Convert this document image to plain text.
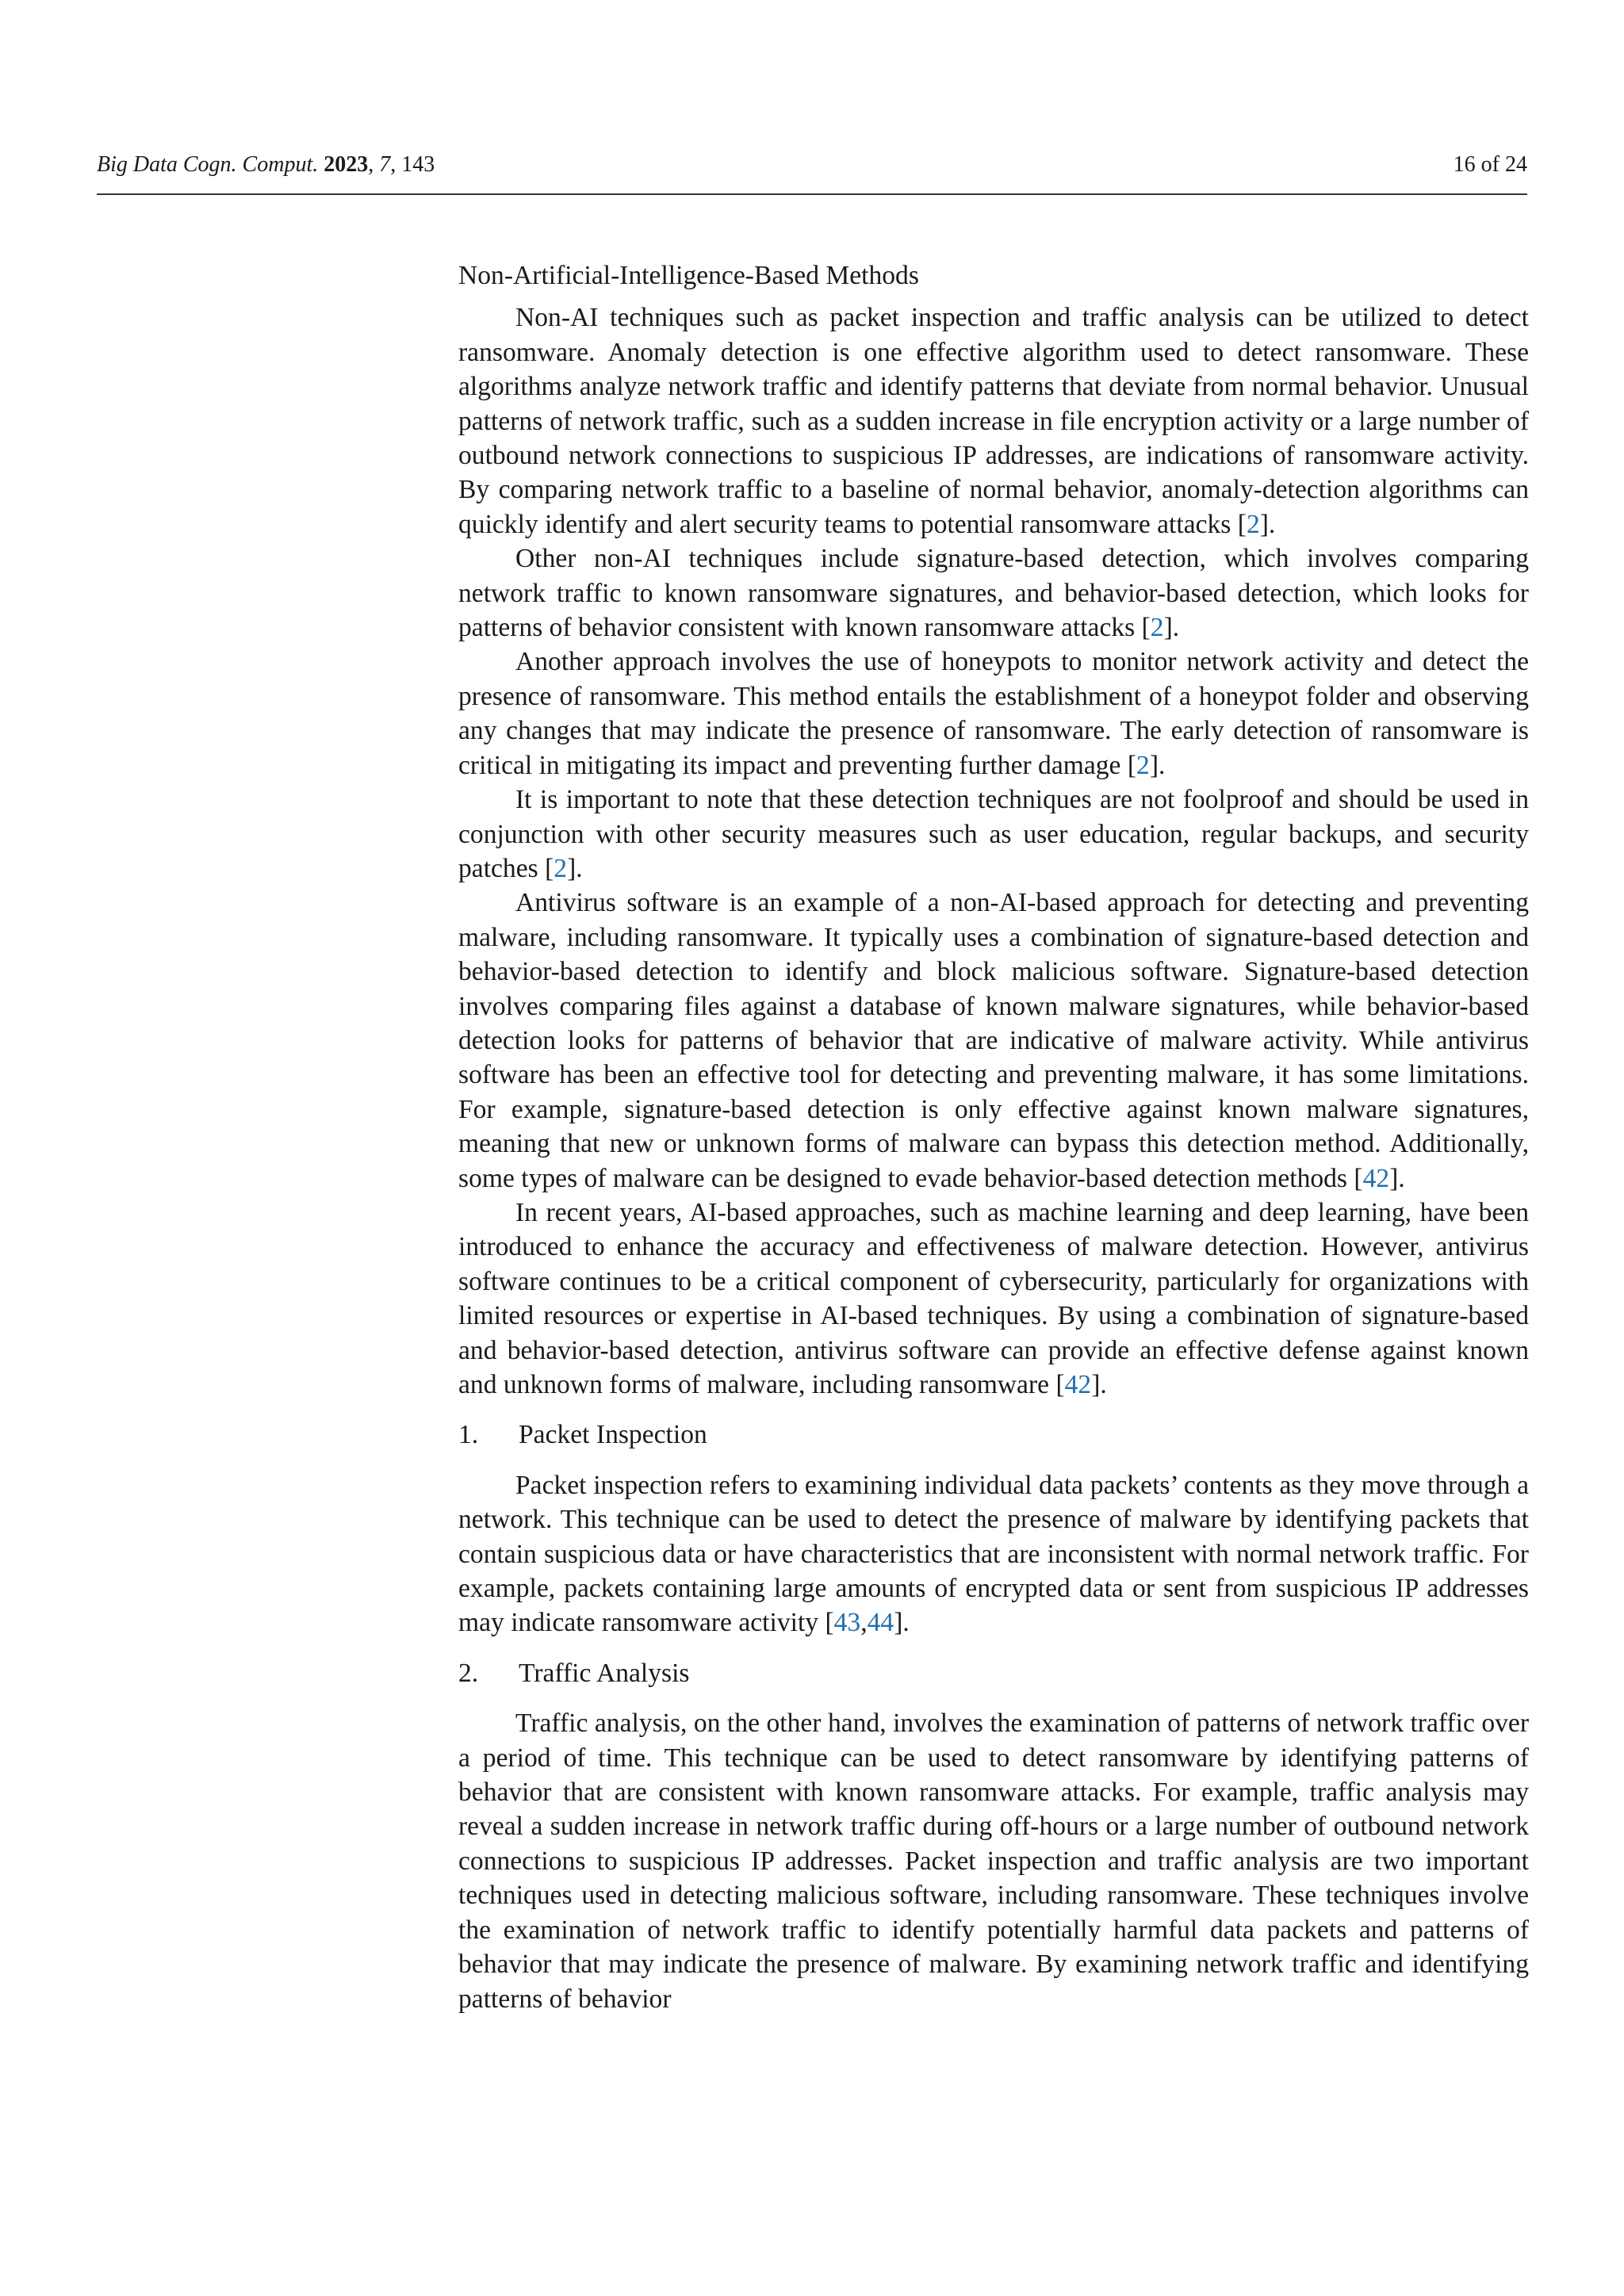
Big Data Cogn. Comput. 2023, 7, 143	16 of 24
Non-Artificial-Intelligence-Based Methods

Non-AI techniques such as packet inspection and traffic analysis can be utilized to detect ransomware. Anomaly detection is one effective algorithm used to detect ransomware. These algorithms analyze network traffic and identify patterns that deviate from normal behavior. Unusual patterns of network traffic, such as a sudden increase in file encryption activity or a large number of outbound network connections to suspicious IP addresses, are indications of ransomware activity. By comparing network traffic to a baseline of normal behavior, anomaly-detection algorithms can quickly identify and alert security teams to potential ransomware attacks [2].

Other non-AI techniques include signature-based detection, which involves comparing network traffic to known ransomware signatures, and behavior-based detection, which looks for patterns of behavior consistent with known ransomware attacks [2].

Another approach involves the use of honeypots to monitor network activity and detect the presence of ransomware. This method entails the establishment of a honeypot folder and observing any changes that may indicate the presence of ransomware. The early detection of ransomware is critical in mitigating its impact and preventing further damage [2].

It is important to note that these detection techniques are not foolproof and should be used in conjunction with other security measures such as user education, regular backups, and security patches [2].

Antivirus software is an example of a non-AI-based approach for detecting and preventing malware, including ransomware. It typically uses a combination of signature-based detection and behavior-based detection to identify and block malicious software. Signature-based detection involves comparing files against a database of known malware signatures, while behavior-based detection looks for patterns of behavior that are indicative of malware activity. While antivirus software has been an effective tool for detecting and preventing malware, it has some limitations. For example, signature-based detection is only effective against known malware signatures, meaning that new or unknown forms of malware can bypass this detection method. Additionally, some types of malware can be designed to evade behavior-based detection methods [42].

In recent years, AI-based approaches, such as machine learning and deep learning, have been introduced to enhance the accuracy and effectiveness of malware detection. However, antivirus software continues to be a critical component of cybersecurity, particularly for organizations with limited resources or expertise in AI-based techniques. By using a combination of signature-based and behavior-based detection, antivirus software can provide an effective defense against known and unknown forms of malware, including ransomware [42].

1.	Packet Inspection

Packet inspection refers to examining individual data packets’ contents as they move through a network. This technique can be used to detect the presence of malware by identifying packets that contain suspicious data or have characteristics that are inconsistent with normal network traffic. For example, packets containing large amounts of encrypted data or sent from suspicious IP addresses may indicate ransomware activity [43,44].

2.	Traffic Analysis

Traffic analysis, on the other hand, involves the examination of patterns of network traffic over a period of time. This technique can be used to detect ransomware by identifying patterns of behavior that are consistent with known ransomware attacks. For example, traffic analysis may reveal a sudden increase in network traffic during off-hours or a large number of outbound network connections to suspicious IP addresses. Packet inspection and traffic analysis are two important techniques used in detecting malicious software, including ransomware. These techniques involve the examination of network traffic to identify potentially harmful data packets and patterns of behavior that may indicate the presence of malware. By examining network traffic and identifying patterns of behavior
